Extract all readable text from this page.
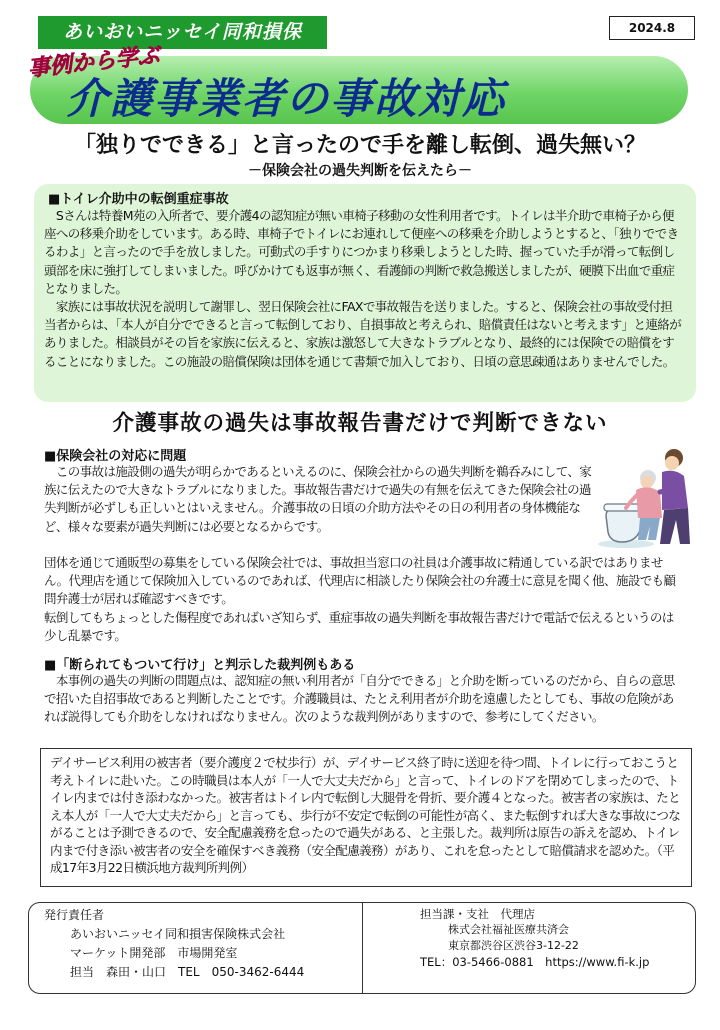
あいおいニッセイ同和損保	2024.8
事例から学ぶ
介護事業者の事故対応
「独りでできる」と言ったので手を離し転倒、過失無い？
－保険会社の過失判断を伝えたら－
■トイレ介助中の転倒重症事故
　Sさんは特養M苑の入所者で、要介護4の認知症が無い車椅子移動の女性利用者です。トイレは半介助で車椅子から便座への移乗介助をしています。ある時、車椅子でトイレにお連れして便座への移乗を介助しようとすると、「独りでできるわよ」と言ったので手を放しました。可動式の手すりにつかまり移乗しようとした時、握っていた手が滑って転倒し頭部を床に強打してしまいました。呼びかけても返事が無く、看護師の判断で救急搬送しましたが、硬膜下出血で重症となりました。
　家族には事故状況を説明して謝罪し、翌日保険会社にFAXで事故報告を送りました。すると、保険会社の事故受付担当者からは、「本人が自分でできると言って転倒しており、自損事故と考えられ、賠償責任はないと考えます」と連絡がありました。相談員がその旨を家族に伝えると、家族は激怒して大きなトラブルとなり、最終的には保険での賠償をすることになりました。この施設の賠償保険は団体を通じて書類で加入しており、日頃の意思疎通はありませんでした。
介護事故の過失は事故報告書だけで判断できない
■保険会社の対応に問題
　この事故は施設側の過失が明らかであるといえるのに、保険会社からの過失判断を鵜呑みにして、家族に伝えたので大きなトラブルになりました。事故報告書だけで過失の有無を伝えてきた保険会社の過失判断が必ずしも正しいとはいえません。介護事故の日頃の介助方法やその日の利用者の身体機能など、様々な要素が過失判断には必要となるからです。
団体を通じて通販型の募集をしている保険会社では、事故担当窓口の社員は介護事故に精通している訳ではありません。代理店を通じて保険加入しているのであれば、代理店に相談したり保険会社の弁護士に意見を聞く他、施設でも顧問弁護士が居れば確認すべきです。
転倒してもちょっとした傷程度であればいざ知らず、重症事故の過失判断を事故報告書だけで電話で伝えるというのは少し乱暴です。
■「断られてもついて行け」と判示した裁判例もある
　本事例の過失の判断の問題点は、認知症の無い利用者が「自分でできる」と介助を断っているのだから、自らの意思で招いた自招事故であると判断したことです。介護職員は、たとえ利用者が介助を遠慮したとしても、事故の危険があれば説得しても介助をしなければなりません。次のような裁判例がありますので、参考にしてください。
デイサービス利用の被害者（要介護度２で杖歩行）が、デイサービス終了時に送迎を待つ間、トイレに行っておこうと考えトイレに赴いた。この時職員は本人が「一人で大丈夫だから」と言って、トイレのドアを閉めてしまったので、トイレ内までは付き添わなかった。被害者はトイレ内で転倒し大腿骨を骨折、要介護４となった。被害者の家族は、たとえ本人が「一人で大丈夫だから」と言っても、歩行が不安定で転倒の可能性が高く、また転倒すれば大きな事故につながることは予測できるので、安全配慮義務を怠ったので過失がある、と主張した。裁判所は原告の訴えを認め、トイレ内まで付き添い被害者の安全を確保すべき義務（安全配慮義務）があり、これを怠ったとして賠償請求を認めた。（平成17年3月22日横浜地方裁判所判例）
発行責任者
あいおいニッセイ同和損害保険株式会社
マーケット開発部　市場開発室
担当　森田・山口　TEL　050-3462-6444
担当課・支社　代理店
株式会社福祉医療共済会
東京都渋谷区渋谷3-12-22
TEL：03-5466-0881　https://www.fi-k.jp
